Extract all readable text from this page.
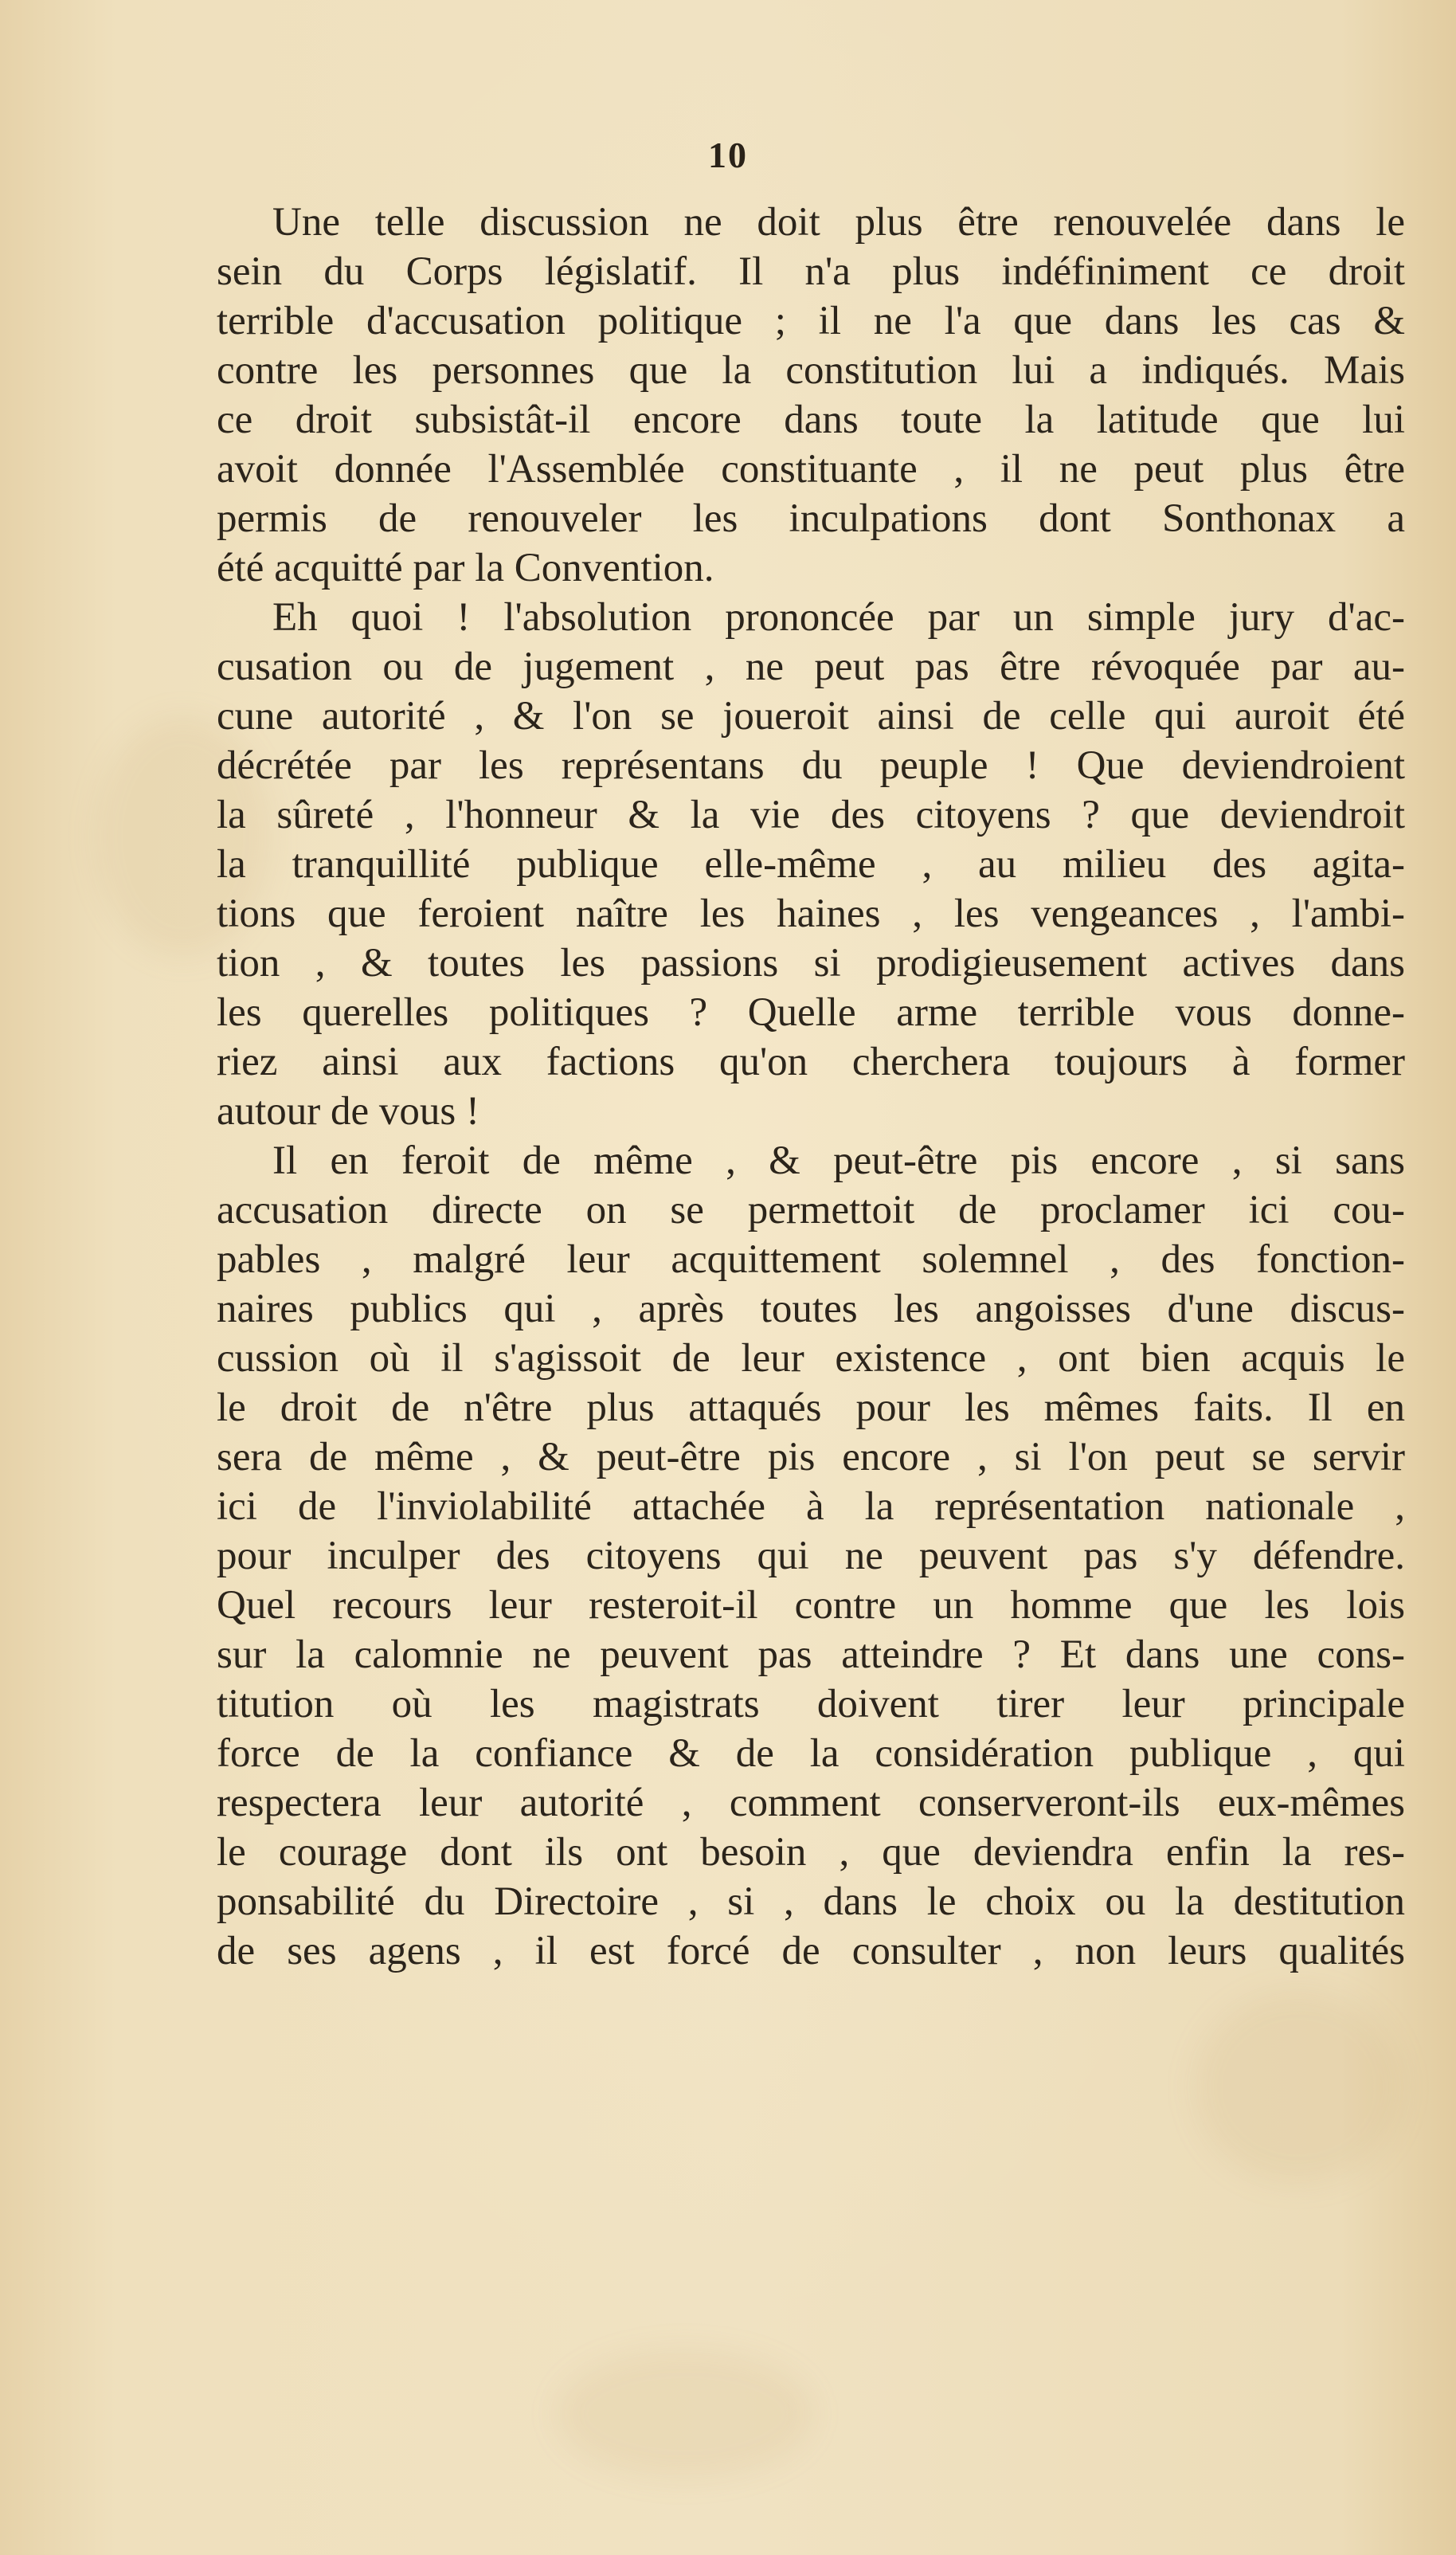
10
Une telle discussion ne doit plus être renouvelée dans le
sein du Corps législatif. Il n'a plus indéfiniment ce droit
terrible d'accusation politique ; il ne l'a que dans les cas &
contre les personnes que la constitution lui a indiqués. Mais
ce droit subsistât-il encore dans toute la latitude que lui
avoit donnée l'Assemblée constituante , il ne peut plus être
permis de renouveler les inculpations dont Sonthonax a
été acquitté par la Convention.
Eh quoi ! l'absolution prononcée par un simple jury d'ac-
cusation ou de jugement , ne peut pas être révoquée par au-
cune autorité , & l'on se joueroit ainsi de celle qui auroit été
décrétée par les représentans du peuple ! Que deviendroient
la sûreté , l'honneur & la vie des citoyens ? que deviendroit
la tranquillité publique elle-même , au milieu des agita-
tions que feroient naître les haines , les vengeances , l'ambi-
tion , & toutes les passions si prodigieusement actives dans
les querelles politiques ? Quelle arme terrible vous donne-
riez ainsi aux factions qu'on cherchera toujours à former
autour de vous !
Il en feroit de même , & peut-être pis encore , si sans
accusation directe on se permettoit de proclamer ici cou-
pables , malgré leur acquittement solemnel , des fonction-
naires publics qui , après toutes les angoisses d'une discus-
cussion où il s'agissoit de leur existence , ont bien acquis le
le droit de n'être plus attaqués pour les mêmes faits. Il en
sera de même , & peut-être pis encore , si l'on peut se servir
ici de l'inviolabilité attachée à la représentation nationale ,
pour inculper des citoyens qui ne peuvent pas s'y défendre.
Quel recours leur resteroit-il contre un homme que les lois
sur la calomnie ne peuvent pas atteindre ? Et dans une cons-
titution où les magistrats doivent tirer leur principale
force de la confiance & de la considération publique , qui
respectera leur autorité , comment conserveront-ils eux-mêmes
le courage dont ils ont besoin , que deviendra enfin la res-
ponsabilité du Directoire , si , dans le choix ou la destitution
de ses agens , il est forcé de consulter , non leurs qualités
